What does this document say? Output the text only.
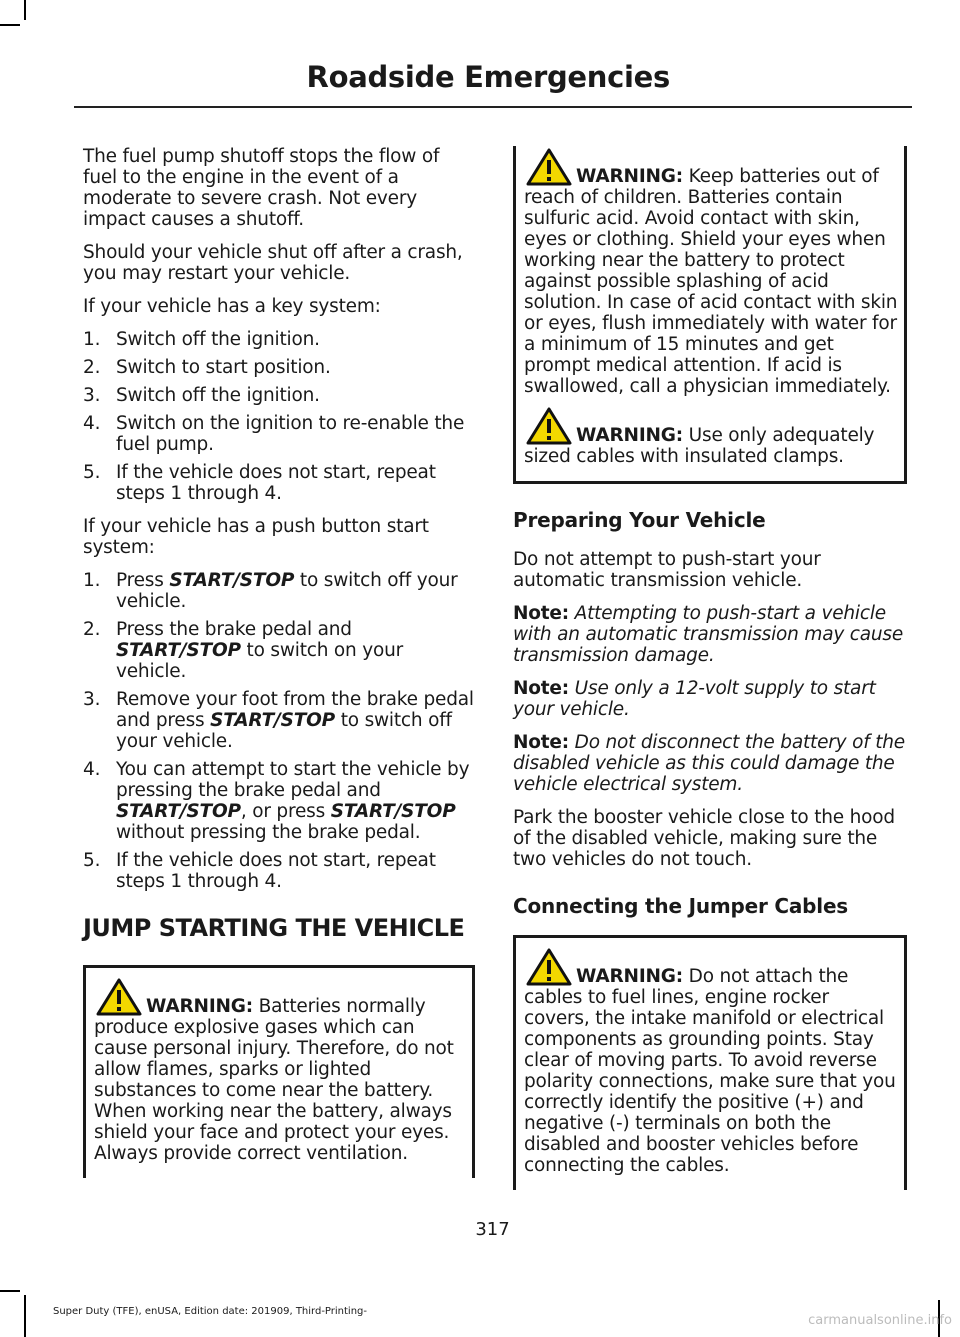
Roadside Emergencies

The fuel pump shutoff stops the flow of fuel to the engine in the event of a moderate to severe crash. Not every impact causes a shutoff.

Should your vehicle shut off after a crash, you may restart your vehicle.

If your vehicle has a key system:

1. Switch off the ignition.
2. Switch to start position.
3. Switch off the ignition.
4. Switch on the ignition to re-enable the fuel pump.
5. If the vehicle does not start, repeat steps 1 through 4.

If your vehicle has a push button start system:

1. Press START/STOP to switch off your vehicle.
2. Press the brake pedal and START/STOP to switch on your vehicle.
3. Remove your foot from the brake pedal and press START/STOP to switch off your vehicle.
4. You can attempt to start the vehicle by pressing the brake pedal and START/STOP, or press START/STOP without pressing the brake pedal.
5. If the vehicle does not start, repeat steps 1 through 4.
JUMP STARTING THE VEHICLE
WARNING: Batteries normally produce explosive gases which can cause personal injury. Therefore, do not allow flames, sparks or lighted substances to come near the battery. When working near the battery, always shield your face and protect your eyes. Always provide correct ventilation.
WARNING: Keep batteries out of reach of children. Batteries contain sulfuric acid. Avoid contact with skin, eyes or clothing. Shield your eyes when working near the battery to protect against possible splashing of acid solution. In case of acid contact with skin or eyes, flush immediately with water for a minimum of 15 minutes and get prompt medical attention. If acid is swallowed, call a physician immediately.
WARNING: Use only adequately sized cables with insulated clamps.
Preparing Your Vehicle

Do not attempt to push-start your automatic transmission vehicle.

Note: Attempting to push-start a vehicle with an automatic transmission may cause transmission damage.

Note: Use only a 12-volt supply to start your vehicle.

Note: Do not disconnect the battery of the disabled vehicle as this could damage the vehicle electrical system.

Park the booster vehicle close to the hood of the disabled vehicle, making sure the two vehicles do not touch.

Connecting the Jumper Cables
WARNING: Do not attach the cables to fuel lines, engine rocker covers, the intake manifold or electrical components as grounding points. Stay clear of moving parts. To avoid reverse polarity connections, make sure that you correctly identify the positive (+) and negative (-) terminals on both the disabled and booster vehicles before connecting the cables.
317
Super Duty (TFE), enUSA, Edition date: 201909, Third-Printing-
carmanualsonline.info
